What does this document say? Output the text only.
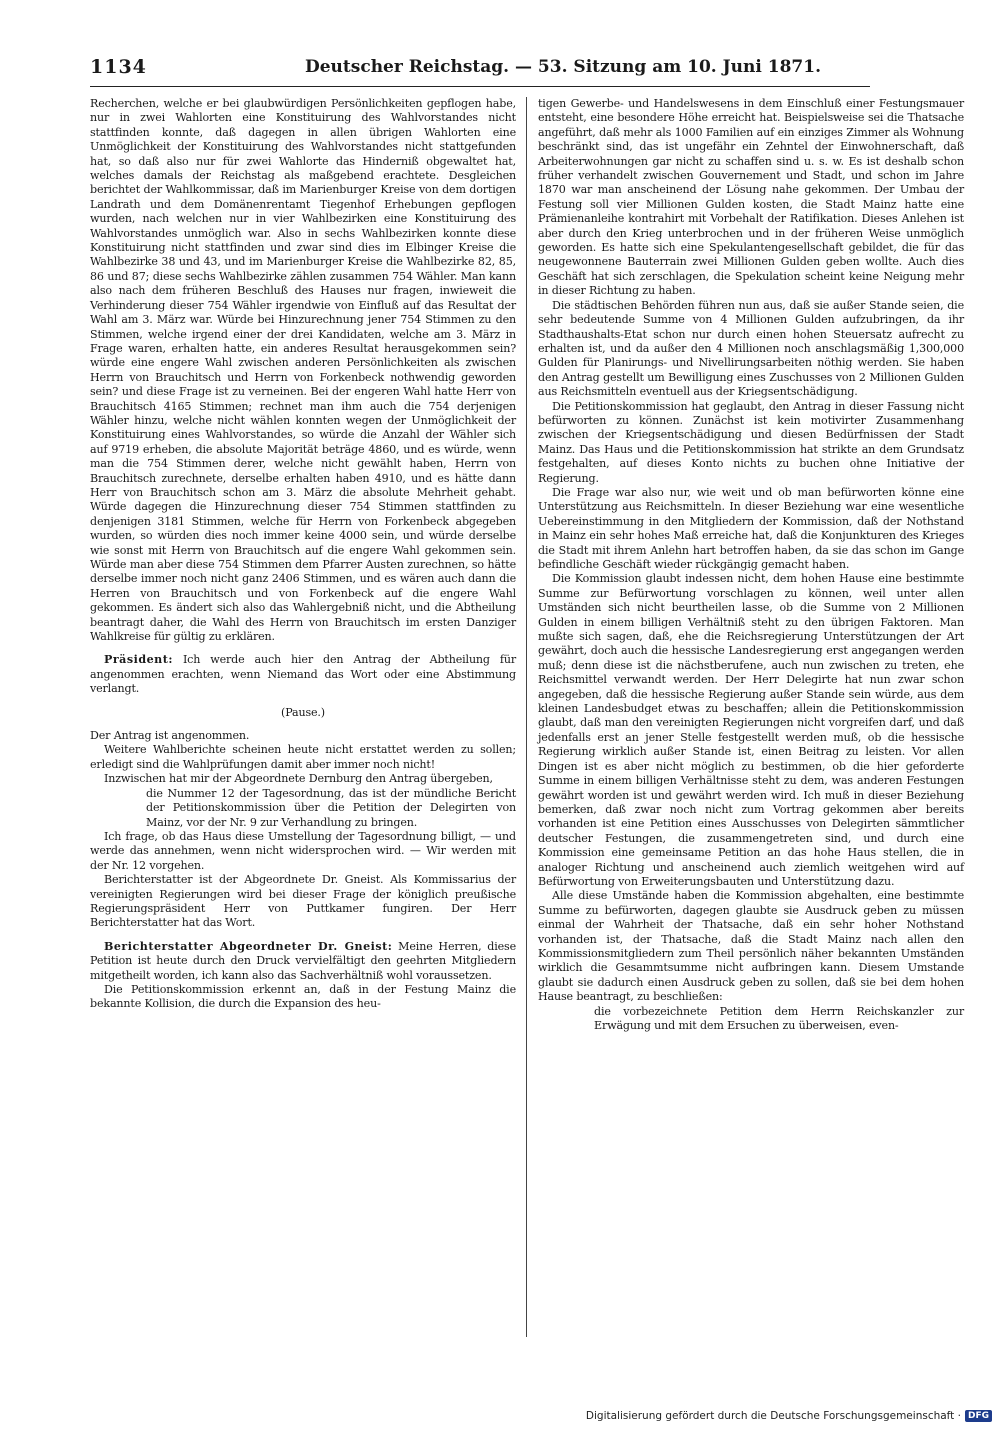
1134	Deutscher Reichstag. — 53. Sitzung am 10. Juni 1871.

Recherchen, welche er bei glaubwürdigen Persönlichkeiten gepflogen habe, nur in zwei Wahlorten eine Konstituirung des Wahlvorstandes nicht stattfinden konnte, daß dagegen in allen übrigen Wahlorten eine Unmöglichkeit der Konstituirung des Wahlvorstandes nicht stattgefunden hat, so daß also nur für zwei Wahlorte das Hinderniß obgewaltet hat, welches damals der Reichstag als maßgebend erachtete. Desgleichen berichtet der Wahlkommissar, daß im Marienburger Kreise von dem dortigen Landrath und dem Domänenrentamt Tiegenhof Erhebungen gepflogen wurden, nach welchen nur in vier Wahlbezirken eine Konstituirung des Wahlvorstandes unmöglich war. Also in sechs Wahlbezirken konnte diese Konstituirung nicht stattfinden und zwar sind dies im Elbinger Kreise die Wahlbezirke 38 und 43, und im Marienburger Kreise die Wahlbezirke 82, 85, 86 und 87; diese sechs Wahlbezirke zählen zusammen 754 Wähler. Man kann also nach dem früheren Beschluß des Hauses nur fragen, inwieweit die Verhinderung dieser 754 Wähler irgendwie von Einfluß auf das Resultat der Wahl am 3. März war. Würde bei Hinzurechnung jener 754 Stimmen zu den Stimmen, welche irgend einer der drei Kandidaten, welche am 3. März in Frage waren, erhalten hatte, ein anderes Resultat herausgekommen sein? würde eine engere Wahl zwischen anderen Persönlichkeiten als zwischen Herrn von Brauchitsch und Herrn von Forkenbeck nothwendig geworden sein? und diese Frage ist zu verneinen. Bei der engeren Wahl hatte Herr von Brauchitsch 4165 Stimmen; rechnet man ihm auch die 754 derjenigen Wähler hinzu, welche nicht wählen konnten wegen der Unmöglichkeit der Konstituirung eines Wahlvorstandes, so würde die Anzahl der Wähler sich auf 9719 erheben, die absolute Majorität beträge 4860, und es würde, wenn man die 754 Stimmen derer, welche nicht gewählt haben, Herrn von Brauchitsch zurechnete, derselbe erhalten haben 4910, und es hätte dann Herr von Brauchitsch schon am 3. März die absolute Mehrheit gehabt. Würde dagegen die Hinzurechnung dieser 754 Stimmen stattfinden zu denjenigen 3181 Stimmen, welche für Herrn von Forkenbeck abgegeben wurden, so würden dies noch immer keine 4000 sein, und würde derselbe wie sonst mit Herrn von Brauchitsch auf die engere Wahl gekommen sein. Würde man aber diese 754 Stimmen dem Pfarrer Austen zurechnen, so hätte derselbe immer noch nicht ganz 2406 Stimmen, und es wären auch dann die Herren von Brauchitsch und von Forkenbeck auf die engere Wahl gekommen. Es ändert sich also das Wahlergebniß nicht, und die Abtheilung beantragt daher, die Wahl des Herrn von Brauchitsch im ersten Danziger Wahlkreise für gültig zu erklären.

Präsident: Ich werde auch hier den Antrag der Abtheilung für angenommen erachten, wenn Niemand das Wort oder eine Abstimmung verlangt.

(Pause.)

Der Antrag ist angenommen.

Weitere Wahlberichte scheinen heute nicht erstattet werden zu sollen; erledigt sind die Wahlprüfungen damit aber immer noch nicht!

Inzwischen hat mir der Abgeordnete Dernburg den Antrag übergeben,

die Nummer 12 der Tagesordnung, das ist der mündliche Bericht der Petitionskommission über die Petition der Delegirten von Mainz, vor der Nr. 9 zur Verhandlung zu bringen.

Ich frage, ob das Haus diese Umstellung der Tagesordnung billigt, — und werde das annehmen, wenn nicht widersprochen wird. — Wir werden mit der Nr. 12 vorgehen.

Berichterstatter ist der Abgeordnete Dr. Gneist. Als Kommissarius der vereinigten Regierungen wird bei dieser Frage der königlich preußische Regierungspräsident Herr von Puttkamer fungiren. Der Herr Berichterstatter hat das Wort.

Berichterstatter Abgeordneter Dr. Gneist: Meine Herren, diese Petition ist heute durch den Druck vervielfältigt den geehrten Mitgliedern mitgetheilt worden, ich kann also das Sachverhältniß wohl voraussetzen.

Die Petitionskommission erkennt an, daß in der Festung Mainz die bekannte Kollision, die durch die Expansion des heu-

tigen Gewerbe- und Handelswesens in dem Einschluß einer Festungsmauer entsteht, eine besondere Höhe erreicht hat. Beispielsweise sei die Thatsache angeführt, daß mehr als 1000 Familien auf ein einziges Zimmer als Wohnung beschränkt sind, das ist ungefähr ein Zehntel der Einwohnerschaft, daß Arbeiterwohnungen gar nicht zu schaffen sind u. s. w. Es ist deshalb schon früher verhandelt zwischen Gouvernement und Stadt, und schon im Jahre 1870 war man anscheinend der Lösung nahe gekommen. Der Umbau der Festung soll vier Millionen Gulden kosten, die Stadt Mainz hatte eine Prämienanleihe kontrahirt mit Vorbehalt der Ratifikation. Dieses Anlehen ist aber durch den Krieg unterbrochen und in der früheren Weise unmöglich geworden. Es hatte sich eine Spekulantengesellschaft gebildet, die für das neugewonnene Bauterrain zwei Millionen Gulden geben wollte. Auch dies Geschäft hat sich zerschlagen, die Spekulation scheint keine Neigung mehr in dieser Richtung zu haben.

Die städtischen Behörden führen nun aus, daß sie außer Stande seien, die sehr bedeutende Summe von 4 Millionen Gulden aufzubringen, da ihr Stadthaushalts-Etat schon nur durch einen hohen Steuersatz aufrecht zu erhalten ist, und da außer den 4 Millionen noch anschlagsmäßig 1,300,000 Gulden für Planirungs- und Nivellirungsarbeiten nöthig werden. Sie haben den Antrag gestellt um Bewilligung eines Zuschusses von 2 Millionen Gulden aus Reichsmitteln eventuell aus der Kriegsentschädigung.

Die Petitionskommission hat geglaubt, den Antrag in dieser Fassung nicht befürworten zu können. Zunächst ist kein motivirter Zusammenhang zwischen der Kriegsentschädigung und diesen Bedürfnissen der Stadt Mainz. Das Haus und die Petitionskommission hat strikte an dem Grundsatz festgehalten, auf dieses Konto nichts zu buchen ohne Initiative der Regierung.

Die Frage war also nur, wie weit und ob man befürworten könne eine Unterstützung aus Reichsmitteln. In dieser Beziehung war eine wesentliche Uebereinstimmung in den Mitgliedern der Kommission, daß der Nothstand in Mainz ein sehr hohes Maß erreiche hat, daß die Konjunkturen des Krieges die Stadt mit ihrem Anlehn hart betroffen haben, da sie das schon im Gange befindliche Geschäft wieder rückgängig gemacht haben.

Die Kommission glaubt indessen nicht, dem hohen Hause eine bestimmte Summe zur Befürwortung vorschlagen zu können, weil unter allen Umständen sich nicht beurtheilen lasse, ob die Summe von 2 Millionen Gulden in einem billigen Verhältniß steht zu den übrigen Faktoren. Man mußte sich sagen, daß, ehe die Reichsregierung Unterstützungen der Art gewährt, doch auch die hessische Landesregierung erst angegangen werden muß; denn diese ist die nächstberufene, auch nun zwischen zu treten, ehe Reichsmittel verwandt werden. Der Herr Delegirte hat nun zwar schon angegeben, daß die hessische Regierung außer Stande sein würde, aus dem kleinen Landesbudget etwas zu beschaffen; allein die Petitionskommission glaubt, daß man den vereinigten Regierungen nicht vorgreifen darf, und daß jedenfalls erst an jener Stelle festgestellt werden muß, ob die hessische Regierung wirklich außer Stande ist, einen Beitrag zu leisten. Vor allen Dingen ist es aber nicht möglich zu bestimmen, ob die hier geforderte Summe in einem billigen Verhältnisse steht zu dem, was anderen Festungen gewährt worden ist und gewährt werden wird. Ich muß in dieser Beziehung bemerken, daß zwar noch nicht zum Vortrag gekommen aber bereits vorhanden ist eine Petition eines Ausschusses von Delegirten sämmtlicher deutscher Festungen, die zusammengetreten sind, und durch eine Kommission eine gemeinsame Petition an das hohe Haus stellen, die in analoger Richtung und anscheinend auch ziemlich weitgehen wird auf Befürwortung von Erweiterungsbauten und Unterstützung dazu.

Alle diese Umstände haben die Kommission abgehalten, eine bestimmte Summe zu befürworten, dagegen glaubte sie Ausdruck geben zu müssen einmal der Wahrheit der Thatsache, daß ein sehr hoher Nothstand vorhanden ist, der Thatsache, daß die Stadt Mainz nach allen den Kommissionsmitgliedern zum Theil persönlich näher bekannten Umständen wirklich die Gesammtsumme nicht aufbringen kann. Diesem Umstande glaubt sie dadurch einen Ausdruck geben zu sollen, daß sie bei dem hohen Hause beantragt, zu beschließen:

die vorbezeichnete Petition dem Herrn Reichskanzler zur Erwägung und mit dem Ersuchen zu überweisen, even-

Digitalisierung gefördert durch die Deutsche Forschungsgemeinschaft · DFG
